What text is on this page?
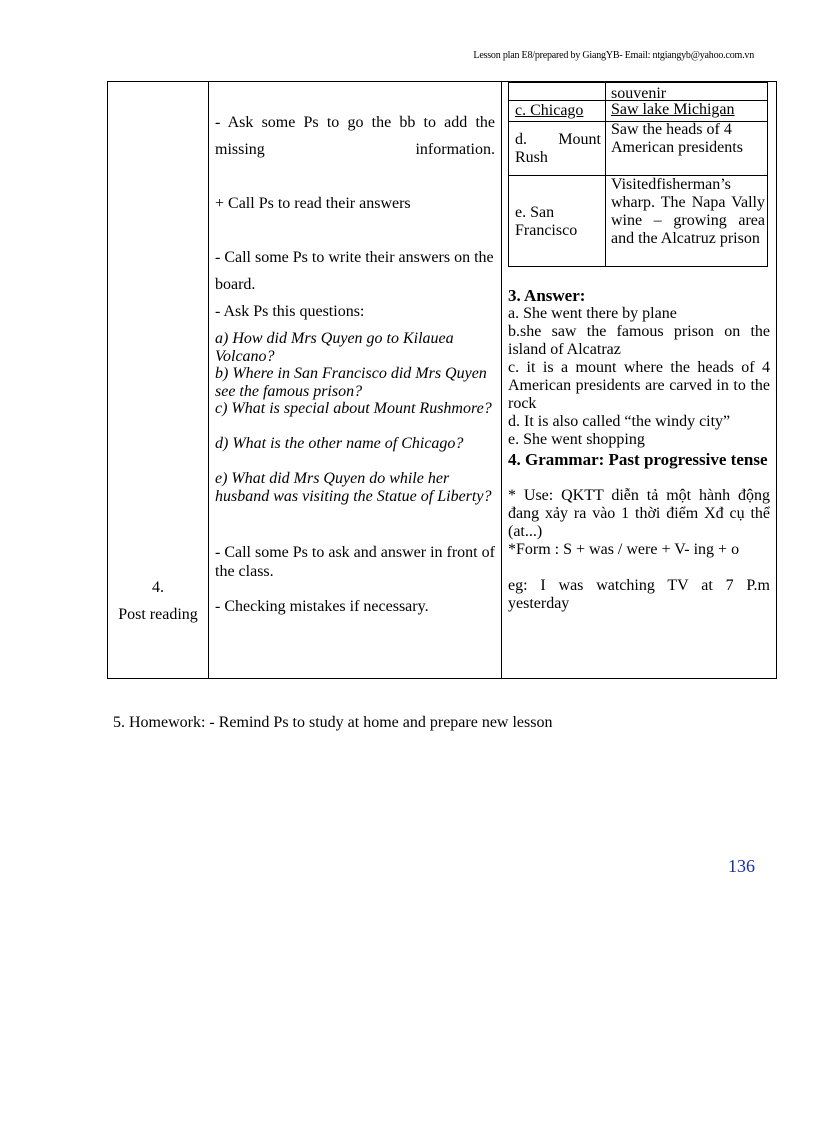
Lesson plan E8/prepared by GiangYB- Email: ntgiangyb@yahoo.com.vn
4.
Post reading

- Ask some Ps to go the bb to add the missing information.

+ Call Ps to read their answers

- Call some Ps to write their answers on the board.

- Ask Ps this questions:

a) How did Mrs Quyen go to Kilauea Volcano?

b) Where in San Francisco did Mrs Quyen see the famous prison?

c) What is special about Mount Rushmore?

d) What is the other name of Chicago?

e) What did Mrs Quyen do while her husband was visiting the Statue of Liberty?

- Call some Ps to ask and answer in front of the class.

- Checking mistakes if necessary.

souvenir
c. Chicago Saw lake Michigan
d. Mount Rush
Saw the heads of 4 American presidents
e. San Francisco
Visitedfisherman’s wharp. The Napa Vally wine – growing area and the Alcatruz prison
3. Answer:
a. She went there by plane
b.she saw the famous prison on the island of Alcatraz
c. it is a mount where the heads of 4 American presidents are carved in to the rock
d. It is also called “the windy city”
e. She went shopping
4. Grammar: Past progressive tense
* Use: QKTT diễn tả một hành động đang xảy ra vào 1 thời điểm Xđ cụ thể (at...)
*Form : S + was / were + V- ing + o
eg: I was watching TV at 7 P.m yesterday
5. Homework: - Remind Ps to study at home and prepare new lesson
136
